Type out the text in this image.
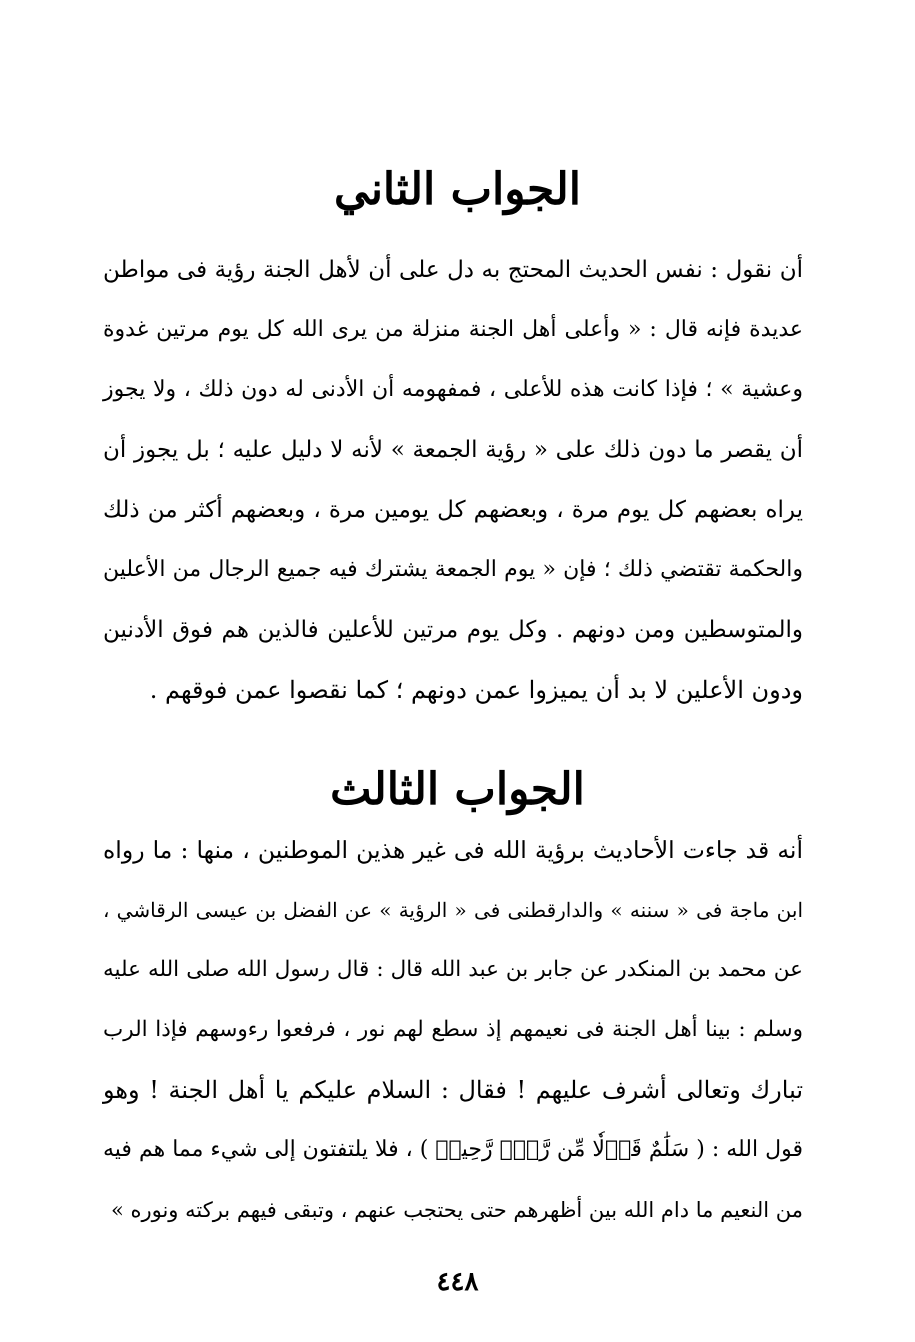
الجواب الثاني
أن نقول : نفس الحديث المحتج به دل على أن لأهل الجنة رؤية فى مواطن
عديدة فإنه قال : « وأعلى أهل الجنة منزلة من يرى الله كل يوم مرتين غدوة
وعشية » ؛ فإذا كانت هذه للأعلى ، فمفهومه أن الأدنى له دون ذلك ، ولا يجوز
أن يقصر ما دون ذلك على « رؤية الجمعة » لأنه لا دليل عليه ؛ بل يجوز أن
يراه بعضهم كل يوم مرة ، وبعضهم كل يومين مرة ، وبعضهم أكثر من ذلك
والحكمة تقتضي ذلك ؛ فإن « يوم الجمعة يشترك فيه جميع الرجال من الأعلين
والمتوسطين ومن دونهم . وكل يوم مرتين للأعلين فالذين هم فوق الأدنين
ودون الأعلين لا بد أن يميزوا عمن دونهم ؛ كما نقصوا عمن فوقهم .
الجواب الثالث
أنه قد جاءت الأحاديث برؤية الله فى غير هذين الموطنين ، منها : ما رواه
ابن ماجة فى « سننه » والدارقطنى فى « الرؤية » عن الفضل بن عيسى الرقاشي ،
عن محمد بن المنكدر عن جابر بن عبد الله قال : قال رسول الله صلى الله عليه
وسلم : بينا أهل الجنة فى نعيمهم إذ سطع لهم نور ، فرفعوا رءوسهم فإذا الرب
تبارك وتعالى أشرف عليهم ! فقال : السلام عليكم يا أهل الجنة ! وهو
قول الله : ( سَلَٰمٌ قَوۡلٗا مِّن رَّبّٖ رَّحِيمٖ ) ، فلا يلتفتون إلى شيء مما هم فيه
من النعيم ما دام الله بين أظهرهم حتى يحتجب عنهم ، وتبقى فيهم بركته ونوره »
٤٤٨
